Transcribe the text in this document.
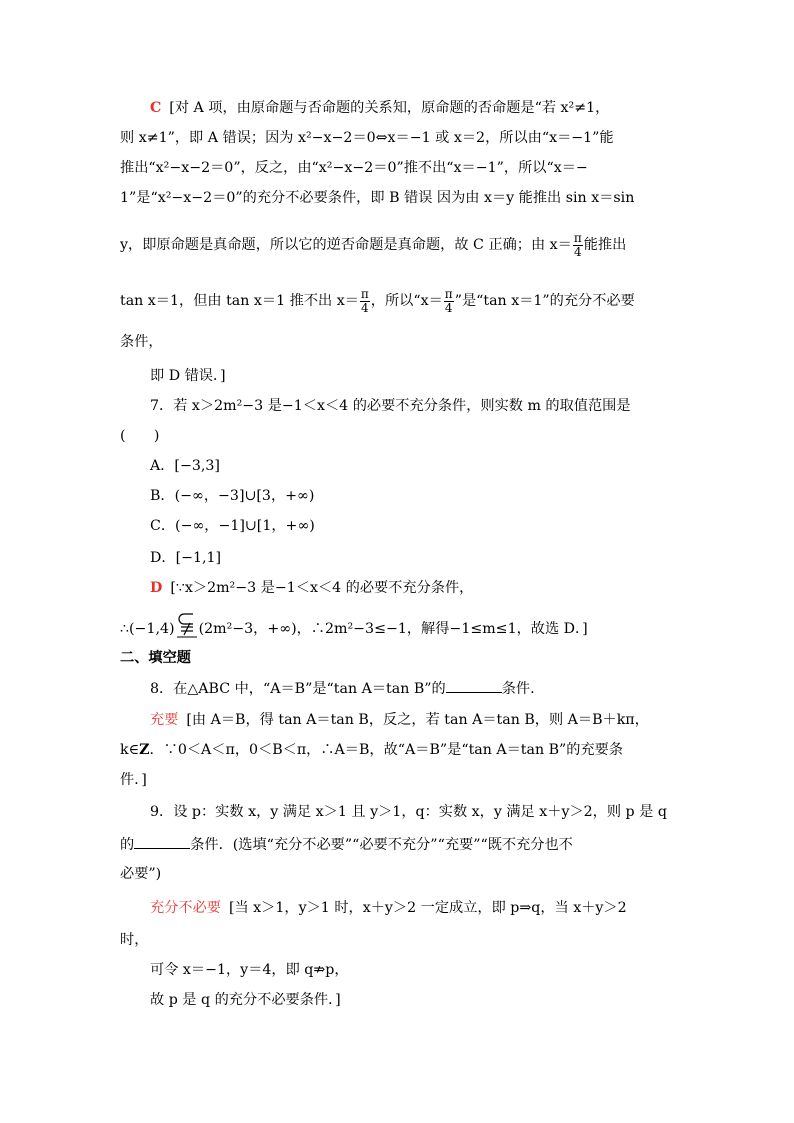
C [对 A 项，由原命题与否命题的关系知，原命题的否命题是“若 x²≠1，
则 x≠1”，即 A 错误；因为 x²−x−2＝0⇔x＝−1 或 x＝2，所以由“x＝−1”能
推出“x²−x−2＝0”，反之，由“x²−x−2＝0”推不出“x＝−1”，所以“x＝−
1”是“x²−x−2＝0”的充分不必要条件，即 B 错误 因为由 x＝y 能推出 sin x＝sin
y，即原命题是真命题，所以它的逆否命题是真命题，故 C 正确；由 $x= \frac{\pi}{4}$ 能推出
tan x＝1，但由 tan x＝1 推不出 $x= \frac{\pi}{4}$ ，所以“$x= \frac{\pi}{4}$ ”是“tan x＝1”的充分不必要
条件，
即 D 错误．]
7．若 x＞2m²−3 是−1＜x＜4 的必要不充分条件，则实数 m 的取值范围是
(　　)
A．[−3,3]
B．(−∞，−3]∪[3，+∞)
C．(−∞，−1]∪[1，+∞)
D．[−1,1]
D [∵x＞2m²−3 是−1＜x＜4 的必要不充分条件，
∴(−1,4) (2m²−3，+∞)，∴2m²−3≤−1，解得−1≤m≤1，故选 D．]
二、填空题
8．在△ABC 中，“A＝B”是“tan A＝tan B”的	条件.
充要 [由 A＝B，得 tan A＝tan B，反之，若 tan A＝tan B，则 A＝B＋kπ，
k∈Z．∵0＜A＜π，0＜B＜π，∴A＝B，故“A＝B”是“tan A＝tan B”的充要条
件．]
9．设 p：实数 x，y 满足 x＞1 且 y＞1，q：实数 x，y 满足 x＋y＞2，则 p 是 q
的	条件．(选填“充分不必要”“必要不充分”“充要”“既不充分也不
必要”)
充分不必要 [当 x＞1，y＞1 时，x＋y＞2 一定成立，即 p⇒q，当 x＋y＞2
时，
可令 x＝−1，y＝4，即 q⇏p，
故 p 是 q 的充分不必要条件．]
